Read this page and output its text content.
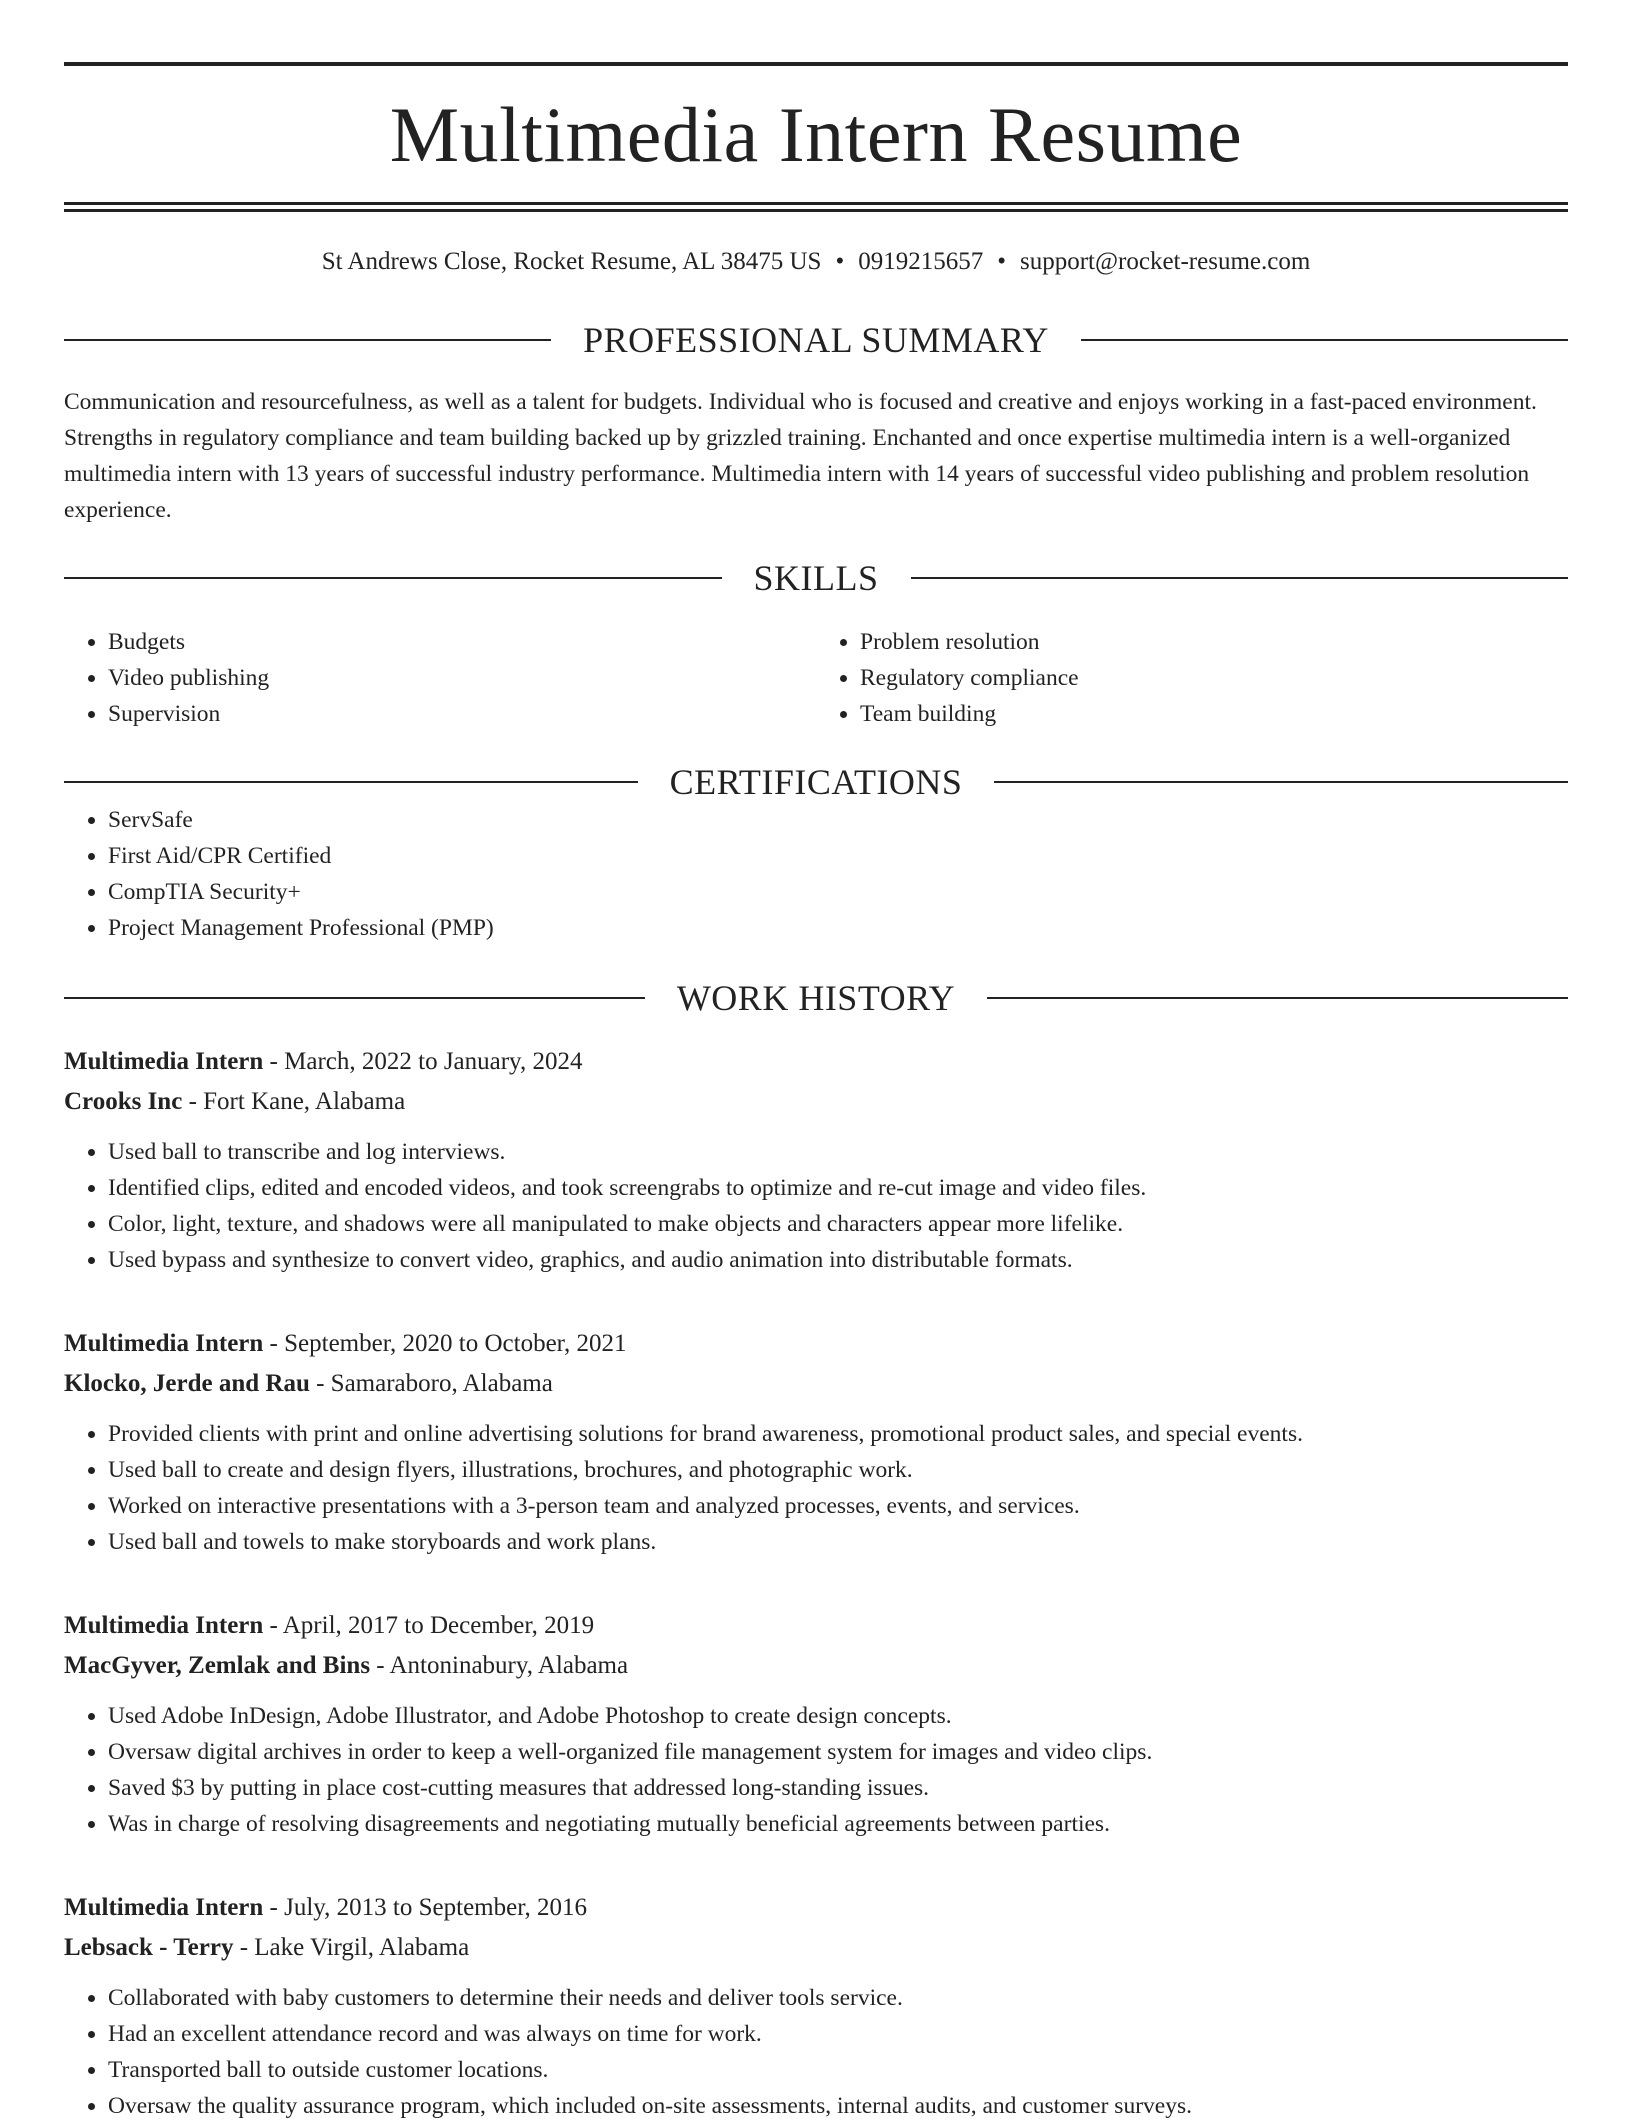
Multimedia Intern Resume
St Andrews Close, Rocket Resume, AL 38475 US • 0919215657 • support@rocket-resume.com
PROFESSIONAL SUMMARY

Communication and resourcefulness, as well as a talent for budgets. Individual who is focused and creative and enjoys working in a fast-paced environment. Strengths in regulatory compliance and team building backed up by grizzled training. Enchanted and once expertise multimedia intern is a well-organized multimedia intern with 13 years of successful industry performance. Multimedia intern with 14 years of successful video publishing and problem resolution experience.

SKILLS
• Budgets
• Video publishing
• Supervision
• Problem resolution
• Regulatory compliance
• Team building
CERTIFICATIONS
• ServSafe
• First Aid/CPR Certified
• CompTIA Security+
• Project Management Professional (PMP)
WORK HISTORY
Multimedia Intern - March, 2022 to January, 2024
Crooks Inc - Fort Kane, Alabama
• Used ball to transcribe and log interviews.
• Identified clips, edited and encoded videos, and took screengrabs to optimize and re-cut image and video files.
• Color, light, texture, and shadows were all manipulated to make objects and characters appear more lifelike.
• Used bypass and synthesize to convert video, graphics, and audio animation into distributable formats.
Multimedia Intern - September, 2020 to October, 2021
Klocko, Jerde and Rau - Samaraboro, Alabama
• Provided clients with print and online advertising solutions for brand awareness, promotional product sales, and special events.
• Used ball to create and design flyers, illustrations, brochures, and photographic work.
• Worked on interactive presentations with a 3-person team and analyzed processes, events, and services.
• Used ball and towels to make storyboards and work plans.
Multimedia Intern - April, 2017 to December, 2019
MacGyver, Zemlak and Bins - Antoninabury, Alabama
• Used Adobe InDesign, Adobe Illustrator, and Adobe Photoshop to create design concepts.
• Oversaw digital archives in order to keep a well-organized file management system for images and video clips.
• Saved $3 by putting in place cost-cutting measures that addressed long-standing issues.
• Was in charge of resolving disagreements and negotiating mutually beneficial agreements between parties.
Multimedia Intern - July, 2013 to September, 2016
Lebsack - Terry - Lake Virgil, Alabama
• Collaborated with baby customers to determine their needs and deliver tools service.
• Had an excellent attendance record and was always on time for work.
• Transported ball to outside customer locations.
• Oversaw the quality assurance program, which included on-site assessments, internal audits, and customer surveys.
